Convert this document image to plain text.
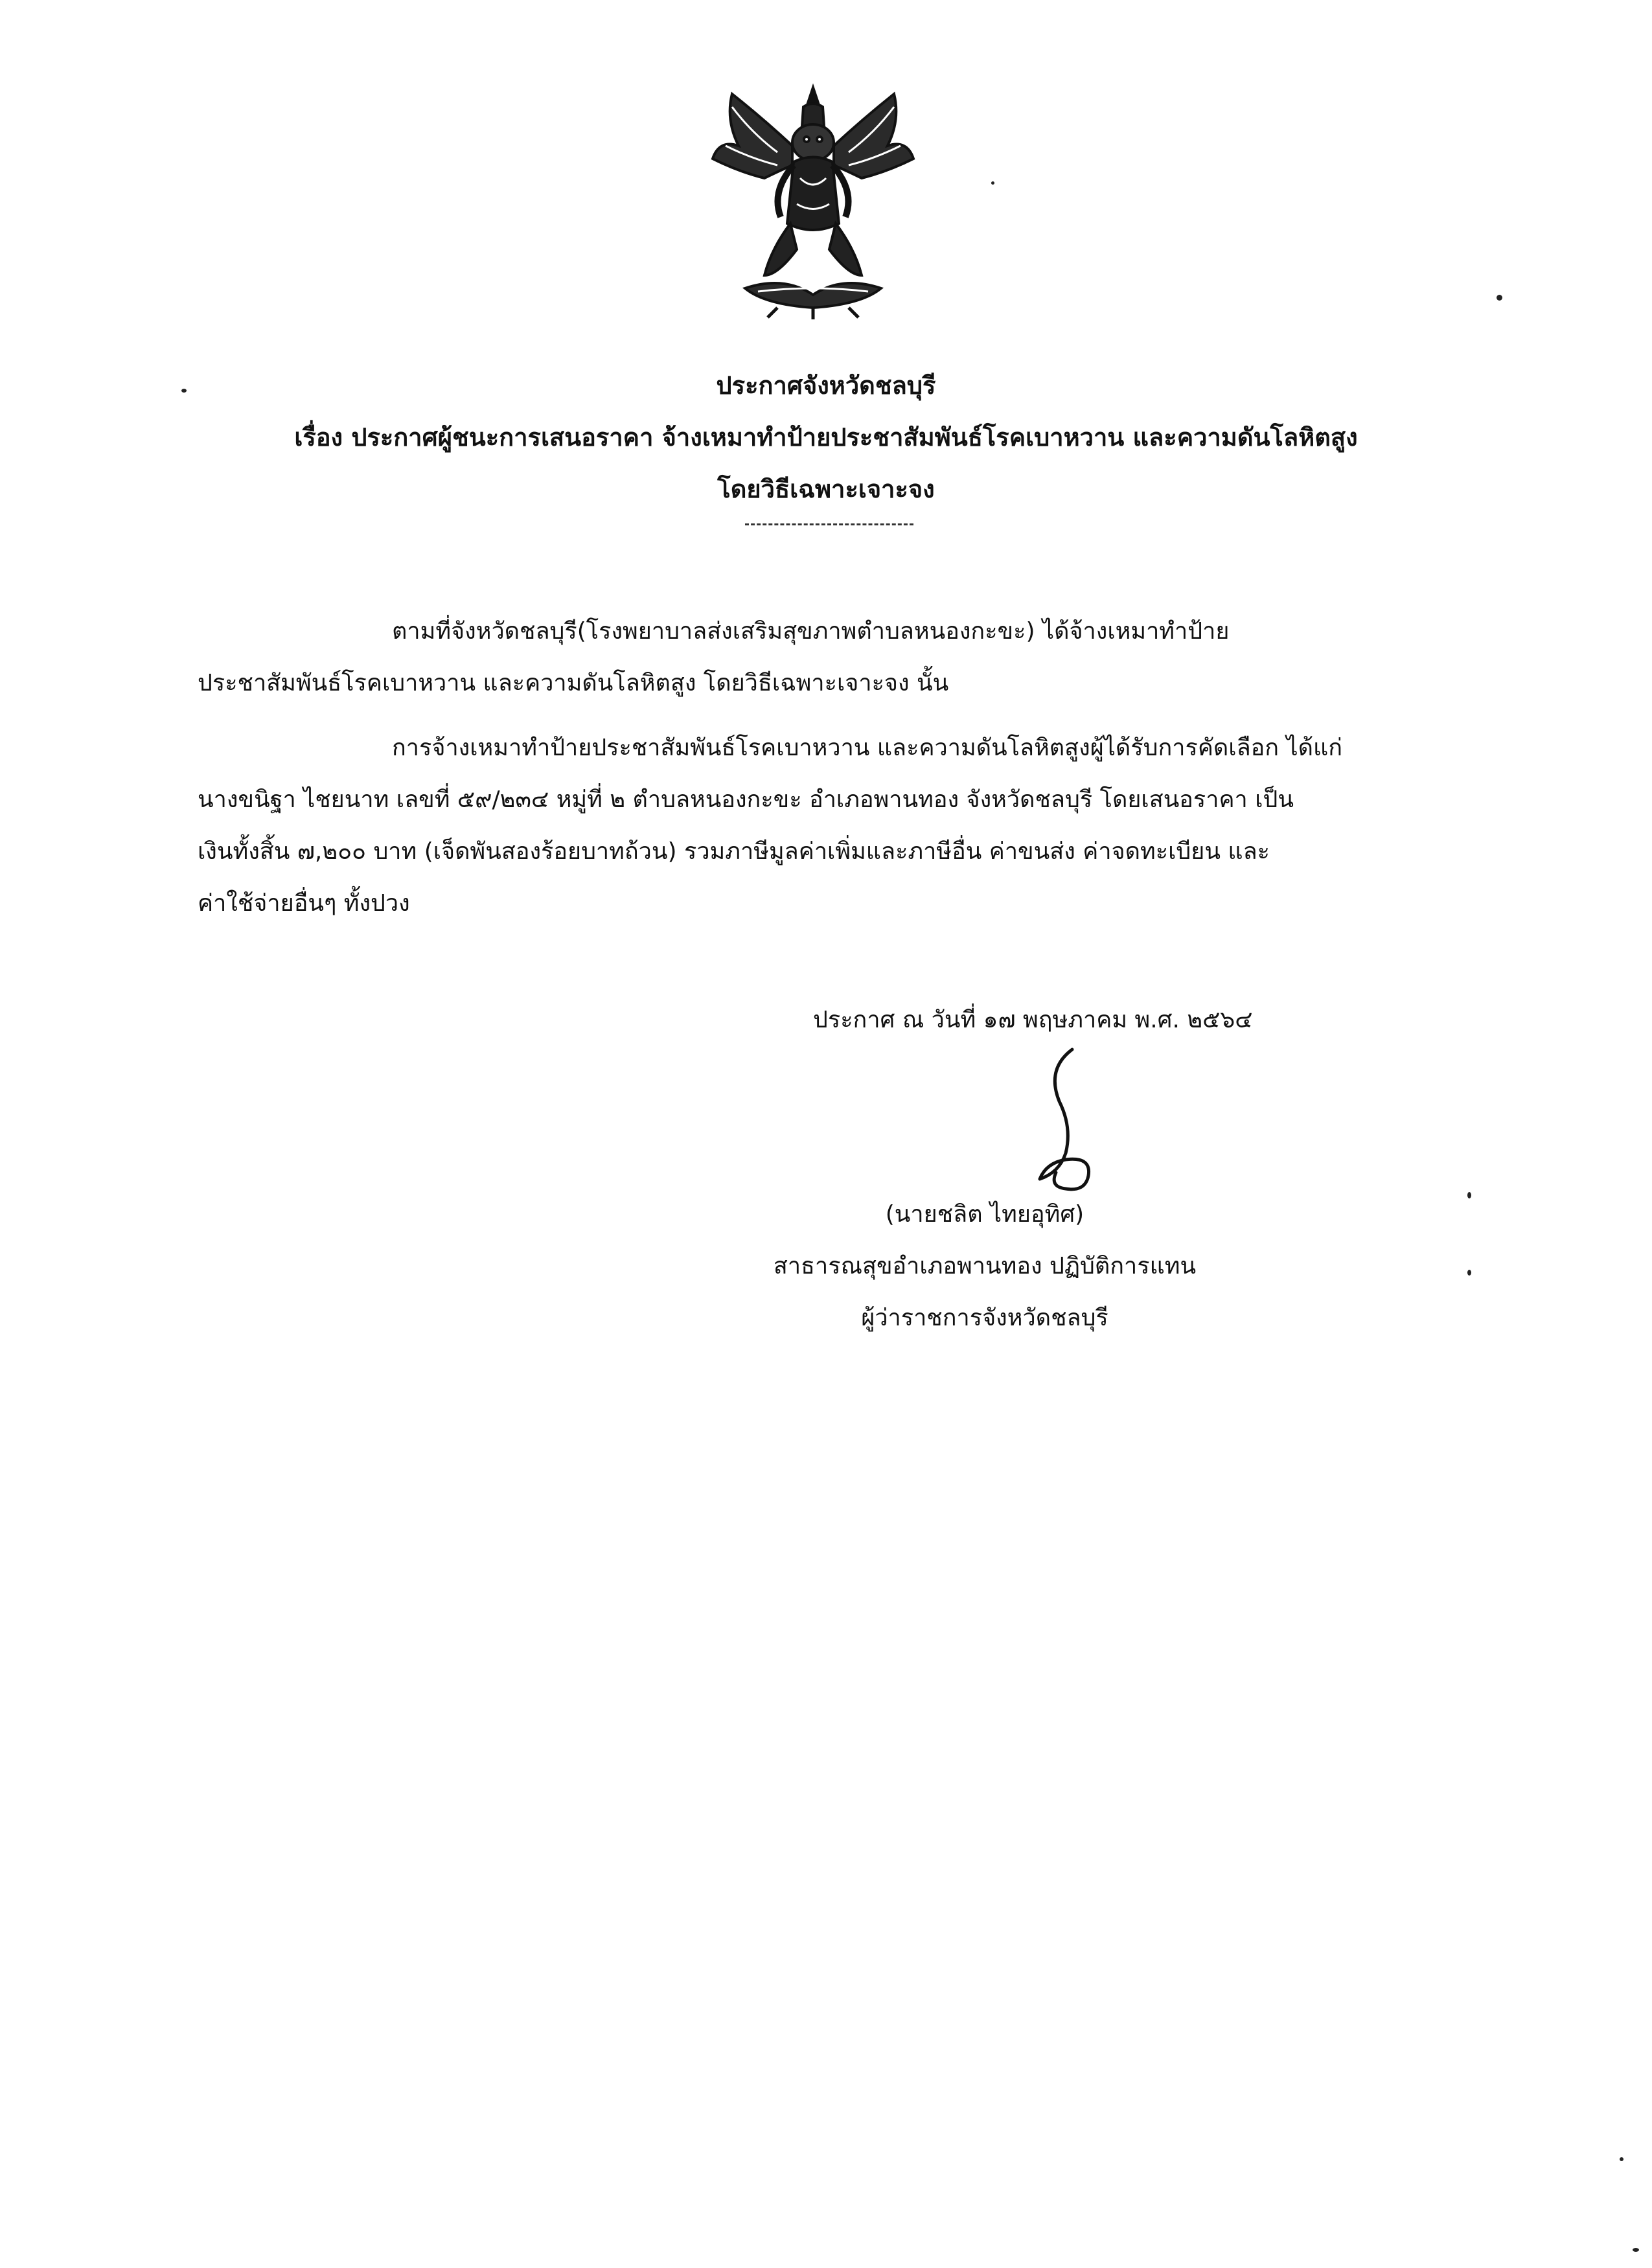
ประกาศจังหวัดชลบุรี
เรื่อง ประกาศผู้ชนะการเสนอราคา จ้างเหมาทำป้ายประชาสัมพันธ์โรคเบาหวาน และความดันโลหิตสูง
โดยวิธีเฉพาะเจาะจง
ตามที่จังหวัดชลบุรี(โรงพยาบาลส่งเสริมสุขภาพตำบลหนองกะขะ) ได้จ้างเหมาทำป้าย
ประชาสัมพันธ์โรคเบาหวาน และความดันโลหิตสูง โดยวิธีเฉพาะเจาะจง นั้น
การจ้างเหมาทำป้ายประชาสัมพันธ์โรคเบาหวาน และความดันโลหิตสูงผู้ได้รับการคัดเลือก ได้แก่
นางขนิฐา ไชยนาท เลขที่ ๕๙/๒๓๔ หมู่ที่ ๒ ตำบลหนองกะขะ อำเภอพานทอง จังหวัดชลบุรี โดยเสนอราคา เป็น
เงินทั้งสิ้น ๗,๒๐๐ บาท (เจ็ดพันสองร้อยบาทถ้วน) รวมภาษีมูลค่าเพิ่มและภาษีอื่น ค่าขนส่ง ค่าจดทะเบียน และ
ค่าใช้จ่ายอื่นๆ ทั้งปวง
ประกาศ ณ วันที่ ๑๗ พฤษภาคม พ.ศ. ๒๕๖๔
(นายชลิต ไทยอุทิศ)
สาธารณสุขอำเภอพานทอง ปฏิบัติการแทน
ผู้ว่าราชการจังหวัดชลบุรี
